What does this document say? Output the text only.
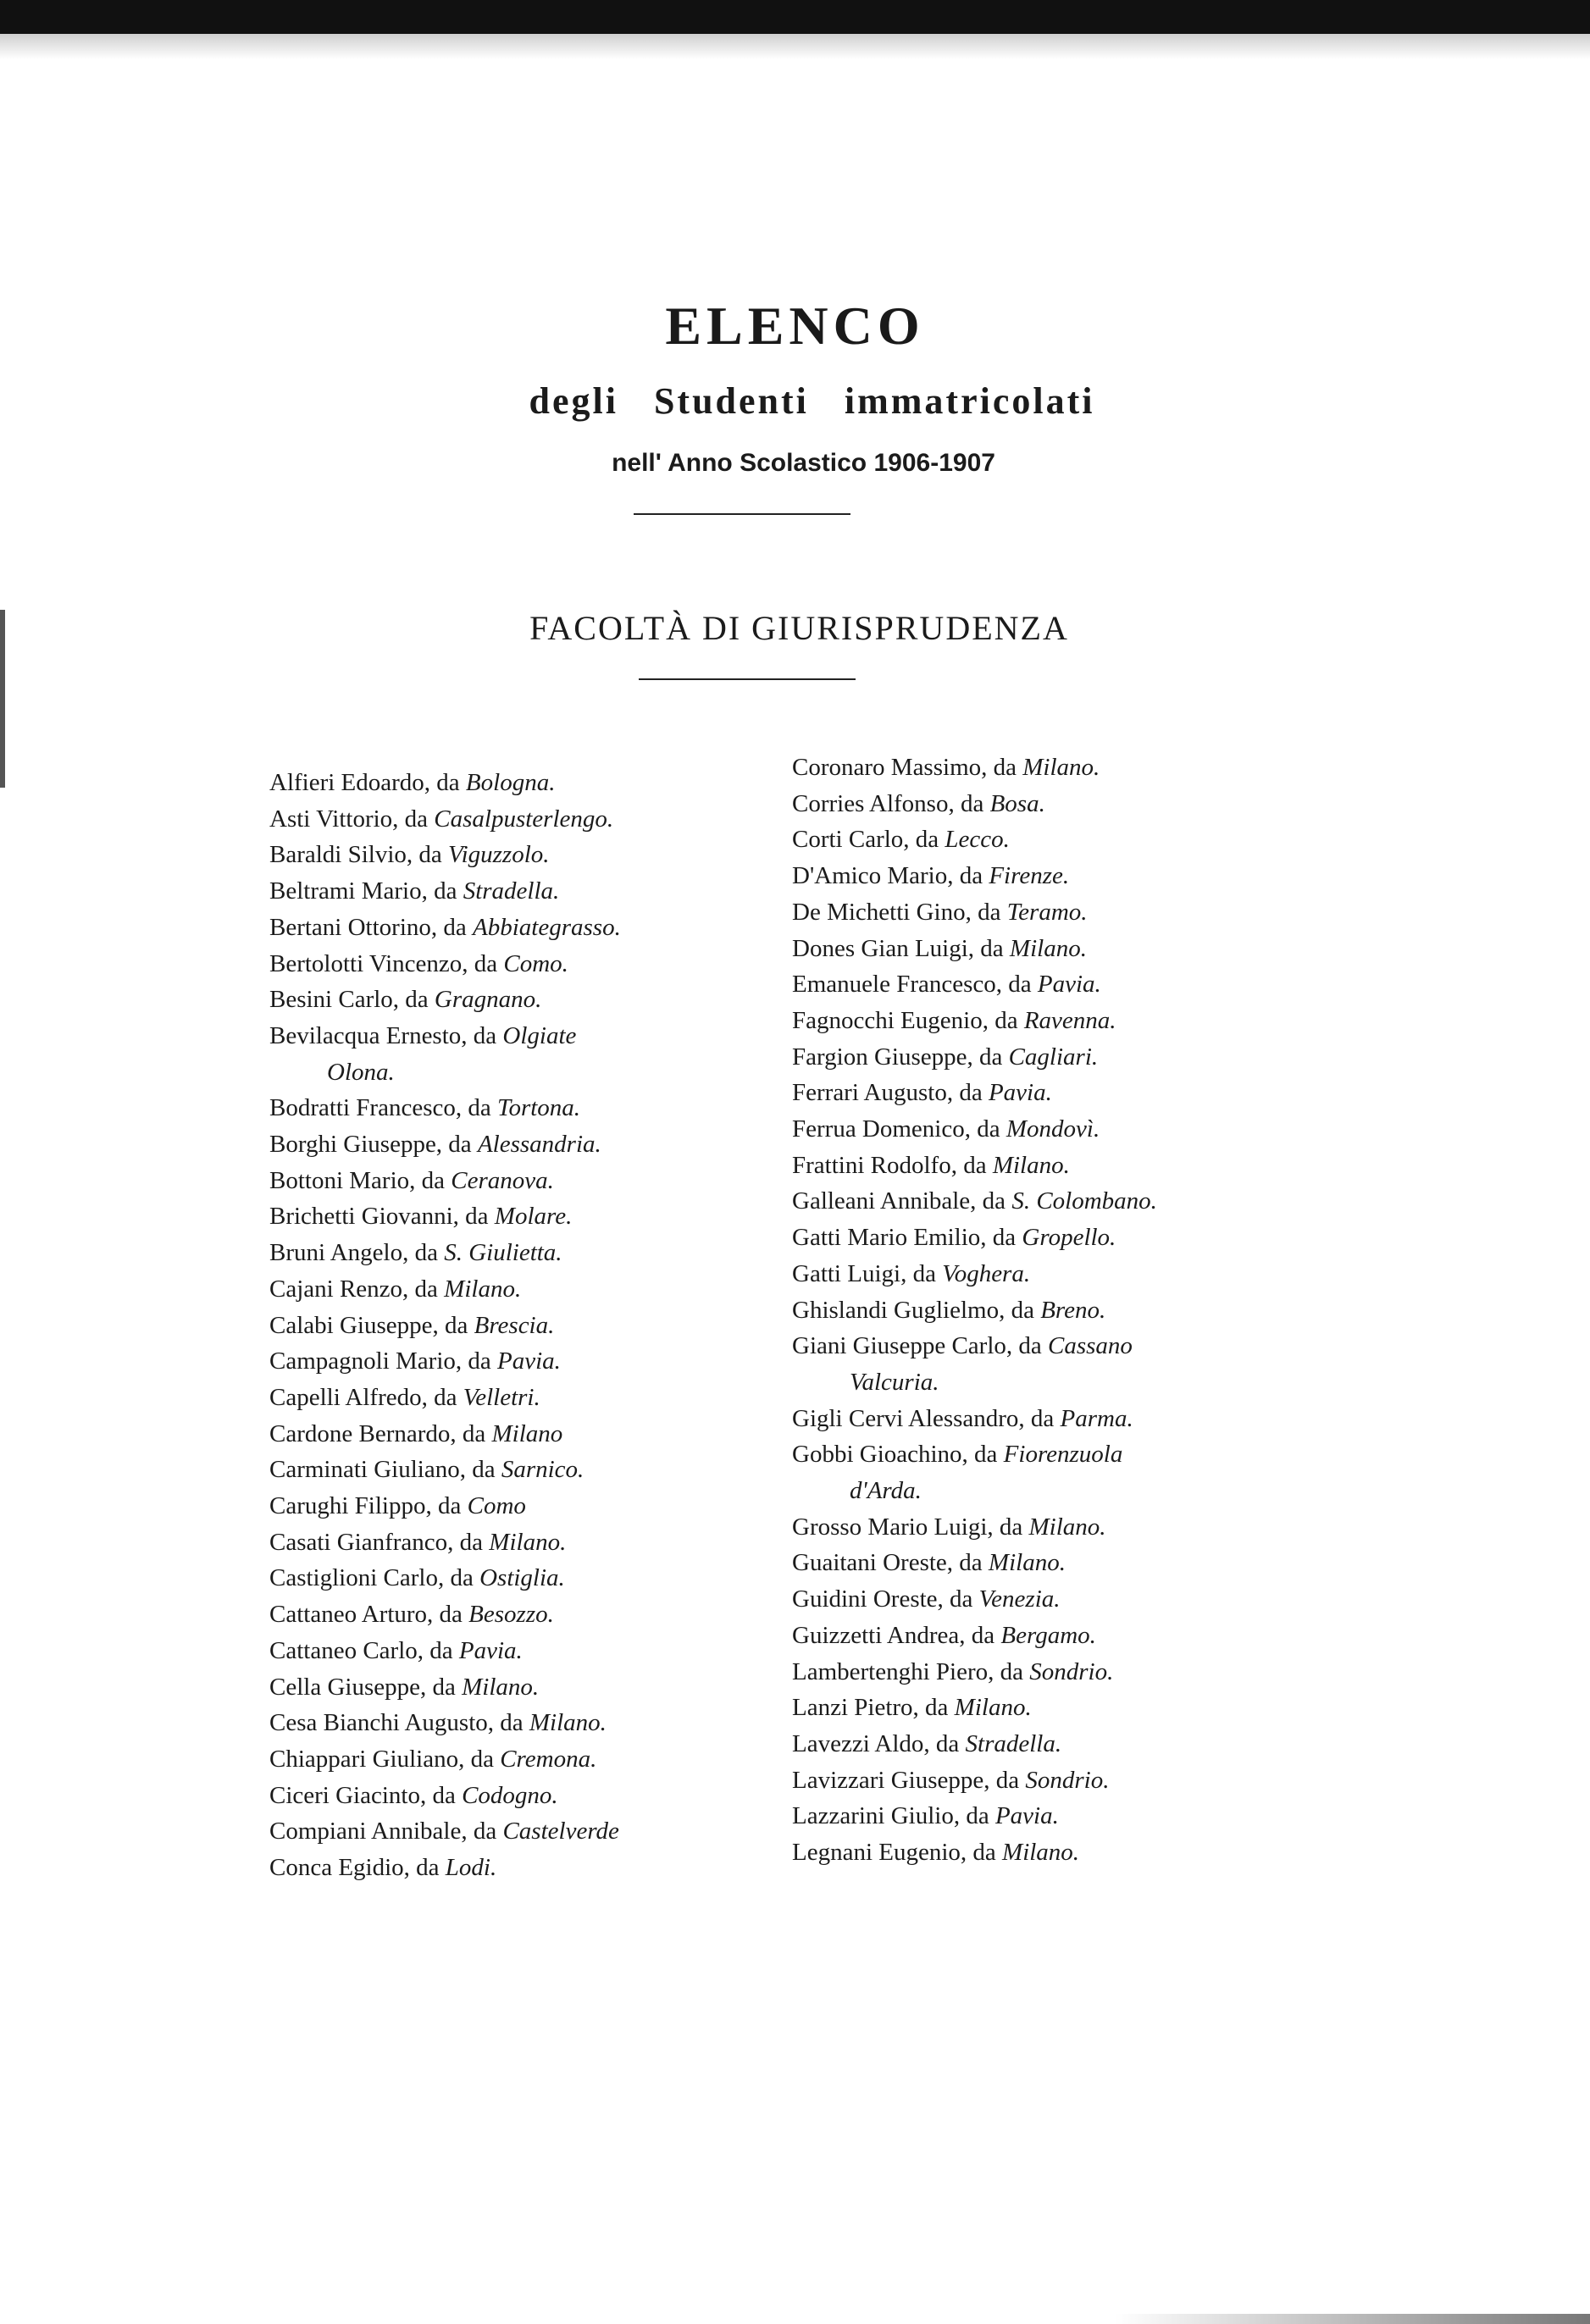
ELENCO
degli Studenti immatricolati
nell' Anno Scolastico 1906-1907
FACOLTÀ DI GIURISPRUDENZA
Alfieri Edoardo, da Bologna.
Asti Vittorio, da Casalpusterlengo.
Baraldi Silvio, da Viguzzolo.
Beltrami Mario, da Stradella.
Bertani Ottorino, da Abbiategrasso.
Bertolotti Vincenzo, da Como.
Besini Carlo, da Gragnano.
Bevilacqua Ernesto, da Olgiate
Olona.
Bodratti Francesco, da Tortona.
Borghi Giuseppe, da Alessandria.
Bottoni Mario, da Ceranova.
Brichetti Giovanni, da Molare.
Bruni Angelo, da S. Giulietta.
Cajani Renzo, da Milano.
Calabi Giuseppe, da Brescia.
Campagnoli Mario, da Pavia.
Capelli Alfredo, da Velletri.
Cardone Bernardo, da Milano
Carminati Giuliano, da Sarnico.
Carughi Filippo, da Como
Casati Gianfranco, da Milano.
Castiglioni Carlo, da Ostiglia.
Cattaneo Arturo, da Besozzo.
Cattaneo Carlo, da Pavia.
Cella Giuseppe, da Milano.
Cesa Bianchi Augusto, da Milano.
Chiappari Giuliano, da Cremona.
Ciceri Giacinto, da Codogno.
Compiani Annibale, da Castelverde
Conca Egidio, da Lodi.
Coronaro Massimo, da Milano.
Corries Alfonso, da Bosa.
Corti Carlo, da Lecco.
D'Amico Mario, da Firenze.
De Michetti Gino, da Teramo.
Dones Gian Luigi, da Milano.
Emanuele Francesco, da Pavia.
Fagnocchi Eugenio, da Ravenna.
Fargion Giuseppe, da Cagliari.
Ferrari Augusto, da Pavia.
Ferrua Domenico, da Mondovì.
Frattini Rodolfo, da Milano.
Galleani Annibale, da S. Colombano.
Gatti Mario Emilio, da Gropello.
Gatti Luigi, da Voghera.
Ghislandi Guglielmo, da Breno.
Giani Giuseppe Carlo, da Cassano
Valcuria.
Gigli Cervi Alessandro, da Parma.
Gobbi Gioachino, da Fiorenzuola
d'Arda.
Grosso Mario Luigi, da Milano.
Guaitani Oreste, da Milano.
Guidini Oreste, da Venezia.
Guizzetti Andrea, da Bergamo.
Lambertenghi Piero, da Sondrio.
Lanzi Pietro, da Milano.
Lavezzi Aldo, da Stradella.
Lavizzari Giuseppe, da Sondrio.
Lazzarini Giulio, da Pavia.
Legnani Eugenio, da Milano.
